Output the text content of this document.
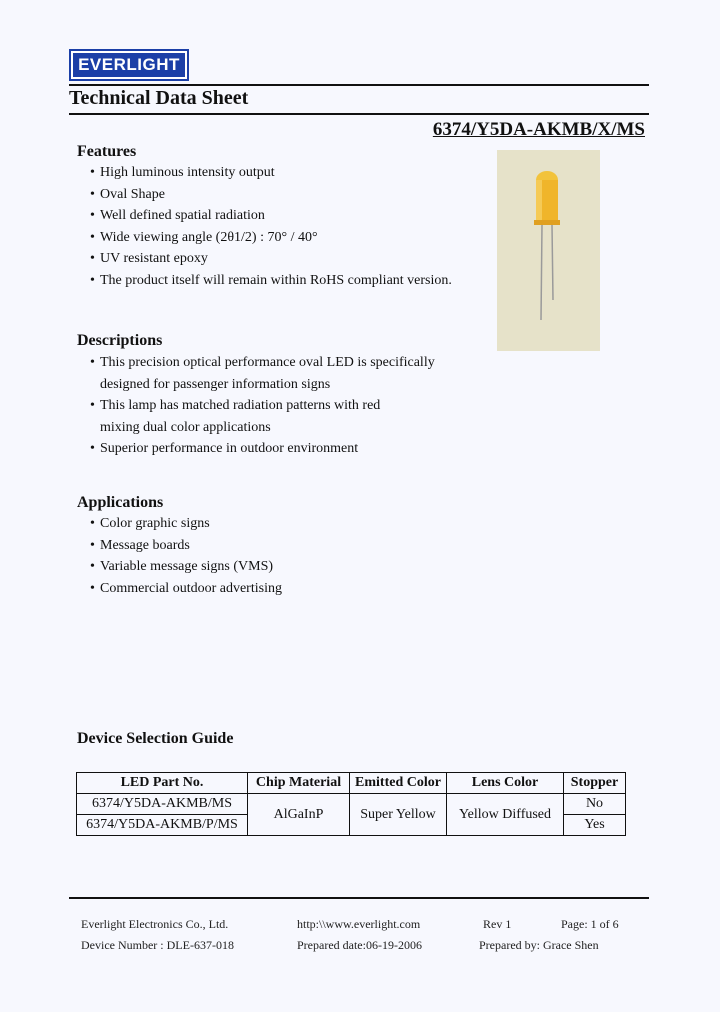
EVERLIGHT
Technical Data Sheet
6374/Y5DA-AKMB/X/MS
Features
• High luminous intensity output
• Oval Shape
• Well defined spatial radiation
• Wide viewing angle (2θ1/2) : 70° / 40°
• UV resistant epoxy
• The product itself will remain within RoHS compliant version.
Descriptions
• This precision optical performance oval LED is specifically
designed for passenger information signs
• This lamp has matched radiation patterns with red
mixing dual color applications
• Superior performance in outdoor environment
Applications
• Color graphic signs
• Message boards
• Variable message signs (VMS)
• Commercial outdoor advertising
Device Selection Guide
LED Part No.	Chip Material	Emitted Color	Lens Color	Stopper
6374/Y5DA-AKMB/MS	AlGaInP	Super Yellow	Yellow Diffused	No
6374/Y5DA-AKMB/P/MS				Yes
Everlight Electronics Co., Ltd.	http:\\www.everlight.com	Rev 1	Page: 1 of 6
Device Number : DLE-637-018	Prepared date:06-19-2006	Prepared by: Grace Shen
